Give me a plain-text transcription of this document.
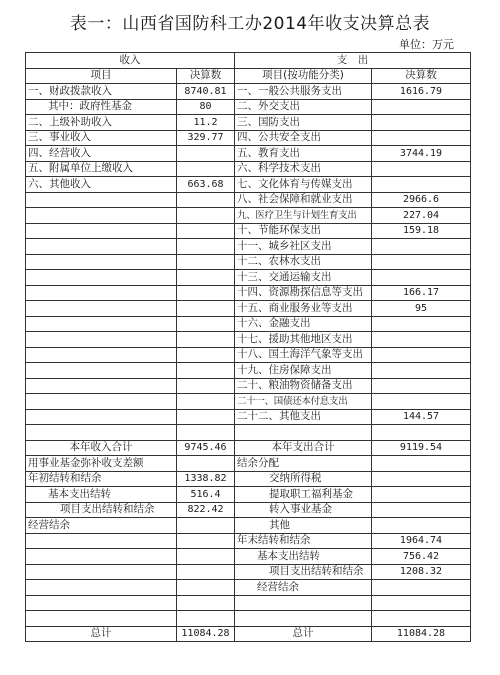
表一：山西省国防科工办2014年收支决算总表
单位：万元
收入		支　出	
项目	决算数	项目(按功能分类)	决算数
一、财政拨款收入	8740.81	一、一般公共服务支出	1616.79
其中：政府性基金	80	二、外交支出	
二、上级补助收入	11.2	三、国防支出	
三、事业收入	329.77	四、公共安全支出	
四、经营收入		五、教育支出	3744.19
五、附属单位上缴收入		六、科学技术支出	
六、其他收入	663.68	七、文化体育与传媒支出	
		八、社会保障和就业支出	2966.6
		九、医疗卫生与计划生育支出	227.04
		十、节能环保支出	159.18
		十一、城乡社区支出	
		十二、农林水支出	
		十三、交通运输支出	
		十四、资源勘探信息等支出	166.17
		十五、商业服务业等支出	95
		十六、金融支出	
		十七、援助其他地区支出	
		十八、国土海洋气象等支出	
		十九、住房保障支出	
		二十、粮油物资储备支出	
		二十一、国债还本付息支出	
		二十二、其他支出	144.57

本年收入合计	9745.46	本年支出合计	9119.54
用事业基金弥补收支差额		结余分配	
年初结转和结余	1338.82	交纳所得税	
基本支出结转	516.4	提取职工福利基金	
项目支出结转和结余	822.42	转入事业基金	
经营结余		其他	
		年末结转和结余	1964.74
		基本支出结转	756.42
		项目支出结转和结余	1208.32
		经营结余	

总计	11084.28	总计	11084.28
